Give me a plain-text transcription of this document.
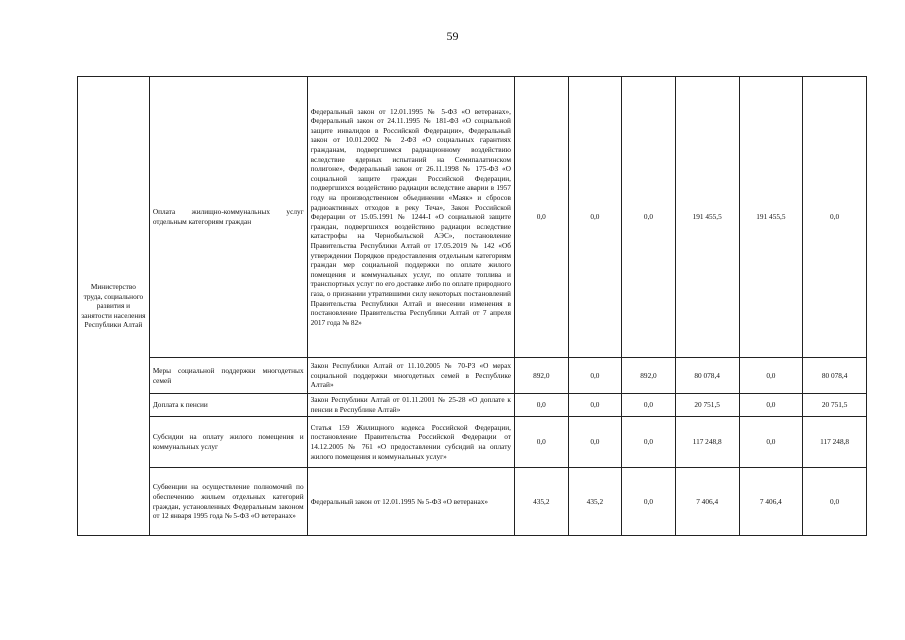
59
Министерство труда, социального развития и занятости населения Республики Алтай	Оплата жилищно-коммунальных услуг отдельным категориям граждан	Федеральный закон от 12.01.1995 № 5-ФЗ «О ветеранах», Федеральный закон от 24.11.1995 № 181-ФЗ «О социальной защите инвалидов в Российской Федерации», Федеральный закон от 10.01.2002 № 2-ФЗ «О социальных гарантиях гражданам, подвергшимся радиационному воздействию вследствие ядерных испытаний на Семипалатинском полигоне», Федеральный закон от 26.11.1998 № 175-ФЗ «О социальной защите граждан Российской Федерации, подвергшихся воздействию радиации вследствие аварии в 1957 году на производственном объединении «Маяк» и сбросов радиоактивных отходов в реку Теча», Закон Российской Федерации от 15.05.1991 № 1244-I «О социальной защите граждан, подвергшихся воздействию радиации вследствие катастрофы на Чернобыльской АЭС», постановление Правительства Республики Алтай от 17.05.2019 № 142 «Об утверждении Порядков предоставления отдельным категориям граждан мер социальной поддержки по оплате жилого помещения и коммунальных услуг, по оплате топлива и транспортных услуг по его доставке либо по оплате природного газа, о признании утратившими силу некоторых постановлений Правительства Республики Алтай и внесении изменения в постановление Правительства Республики Алтай от 7 апреля 2017 года № 82»	0,0	0,0	0,0	191 455,5	191 455,5	0,0
	Меры социальной поддержки многодетных семей	Закон Республики Алтай от 11.10.2005 № 70-РЗ «О мерах социальной поддержки многодетных семей в Республике Алтай»	892,0	0,0	892,0	80 078,4	0,0	80 078,4
	Доплата к пенсии	Закон Республики Алтай от 01.11.2001 № 25-28 «О доплате к пенсии в Республике Алтай»	0,0	0,0	0,0	20 751,5	0,0	20 751,5
	Субсидии на оплату жилого помещения и коммунальных услуг	Статья 159 Жилищного кодекса Российской Федерации, постановление Правительства Российской Федерации от 14.12.2005 № 761 «О предоставлении субсидий на оплату жилого помещения и коммунальных услуг»	0,0	0,0	0,0	117 248,8	0,0	117 248,8
	Субвенции на осуществление полномочий по обеспечению жильем отдельных категорий граждан, установленных Федеральным законом от 12 января 1995 года № 5-ФЗ «О ветеранах»	Федеральный закон от 12.01.1995 № 5-ФЗ «О ветеранах»	435,2	435,2	0,0	7 406,4	7 406,4	0,0
